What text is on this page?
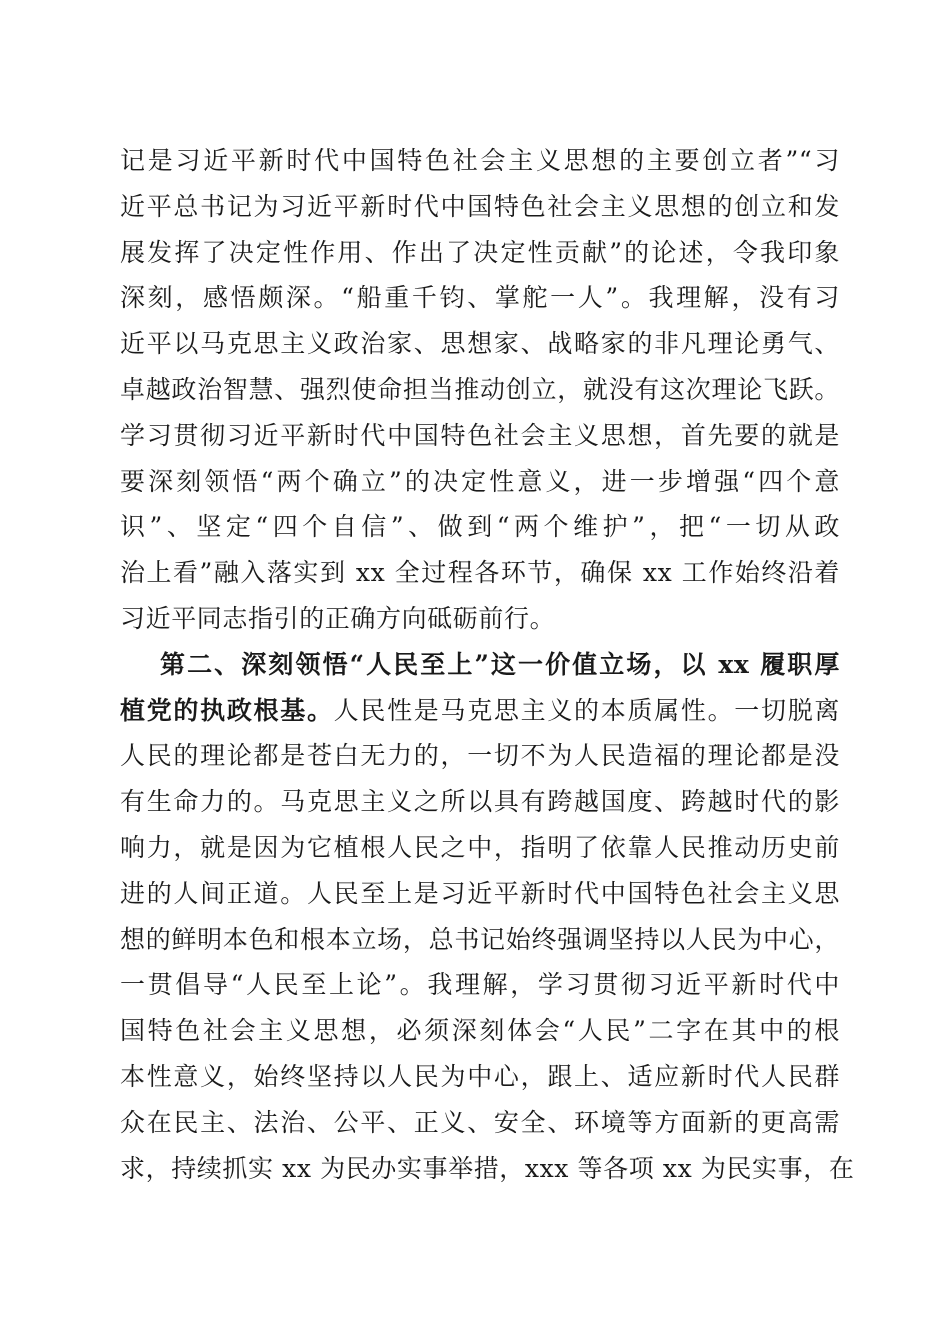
记是习近平新时代中国特色社会主义思想的主要创立者”“习
近平总书记为习近平新时代中国特色社会主义思想的创立和发
展发挥了决定性作用、作出了决定性贡献”的论述，令我印象
深刻，感悟颇深。“船重千钧、掌舵一人”。我理解，没有习
近平以马克思主义政治家、思想家、战略家的非凡理论勇气、
卓越政治智慧、强烈使命担当推动创立，就没有这次理论飞跃。
学习贯彻习近平新时代中国特色社会主义思想，首先要的就是
要深刻领悟“两个确立”的决定性意义，进一步增强“四个意
识”、坚定“四个自信”、做到“两个维护”，把“一切从政
治上看”融入落实到 xx 全过程各环节，确保 xx 工作始终沿着
习近平同志指引的正确方向砥砺前行。
第二、深刻领悟“人民至上”这一价值立场，以 xx 履职厚
植党的执政根基。人民性是马克思主义的本质属性。一切脱离
人民的理论都是苍白无力的，一切不为人民造福的理论都是没
有生命力的。马克思主义之所以具有跨越国度、跨越时代的影
响力，就是因为它植根人民之中，指明了依靠人民推动历史前
进的人间正道。人民至上是习近平新时代中国特色社会主义思
想的鲜明本色和根本立场，总书记始终强调坚持以人民为中心，
一贯倡导“人民至上论”。我理解，学习贯彻习近平新时代中
国特色社会主义思想，必须深刻体会“人民”二字在其中的根
本性意义，始终坚持以人民为中心，跟上、适应新时代人民群
众在民主、法治、公平、正义、安全、环境等方面新的更高需
求，持续抓实 xx 为民办实事举措，xxx 等各项 xx 为民实事，在
